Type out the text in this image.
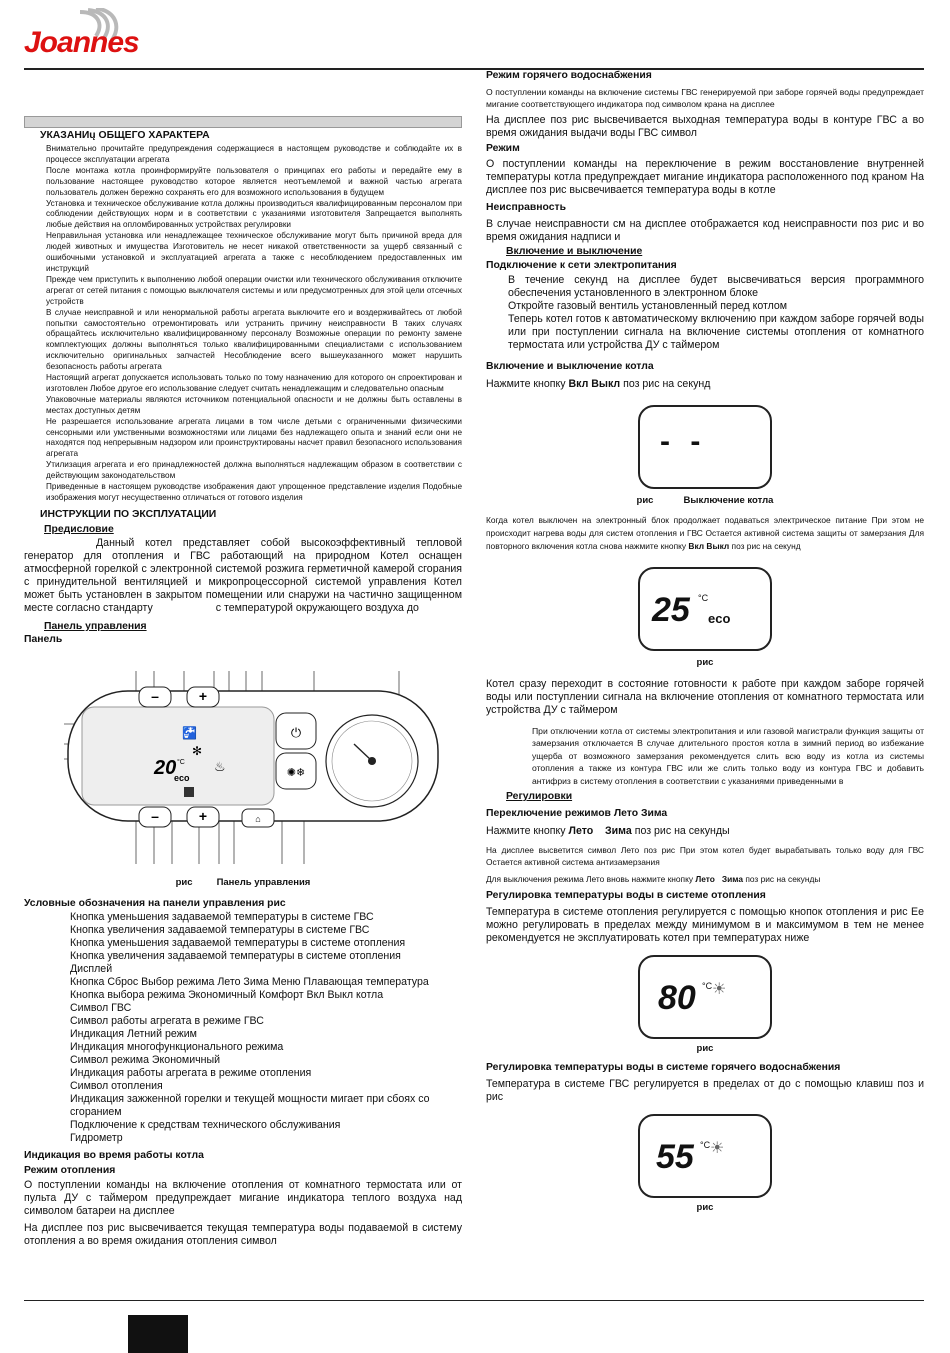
Joannes
УКАЗАНИų ОБЩЕГО ХАРАКТЕРА

Внимательно прочитайте предупреждения содержащиеся в настоящем руководстве и соблюдайте их в процессе эксплуатации агрегата

После монтажа котла проинформируйте пользователя о принципах его работы и передайте ему в пользование настоящее руководство которое является неотъемлемой и важной частью агрегата пользователь должен бережно сохранять его для возможного использования в будущем

Установка и техническое обслуживание котла должны производиться квалифицированным персоналом при соблюдении действующих норм и в соответствии с указаниями изготовителя Запрещается выполнять любые действия на опломбированных устройствах регулировки

Неправильная установка или ненадлежащее техническое обслуживание могут быть причиной вреда для людей животных и имущества Изготовитель не несет никакой ответственности за ущерб связанный с ошибочными установкой и эксплуатацией агрегата а также с несоблюдением предоставленных им инструкций

Прежде чем приступить к выполнению любой операции очистки или технического обслуживания отключите агрегат от сетей питания с помощью выключателя системы и или предусмотренных для этой цели отсечных устройств

В случае неисправной и или ненормальной работы агрегата выключите его и воздерживайтесь от любой попытки самостоятельно отремонтировать или устранить причину неисправности В таких случаях обращайтесь исключительно квалифицированному персоналу Возможные операции по ремонту замене комплектующих должны выполняться только квалифицированными специалистами с использованием исключительно оригинальных запчастей Несоблюдение всего вышеуказанного может нарушить безопасность работы агрегата

Настоящий агрегат допускается использовать только по тому назначению для которого он спроектирован и изготовлен Любое другое его использование следует считать ненадлежащим и следовательно опасным

Упаковочные материалы являются источником потенциальной опасности и не должны быть оставлены в местах доступных детям

Не разрешается использование агрегата лицами в том числе детьми с ограниченными физическими сенсорными или умственными возможностями или лицами без надлежащего опыта и знаний если они не находятся под непрерывным надзором или проинструктированы насчет правил безопасного использования агрегата

Утилизация агрегата и его принадлежностей должна выполняться надлежащим образом в соответствии с действующим законодательством

Приведенные в настоящем руководстве изображения дают упрощенное представление изделия Подобные изображения могут несущественно отличаться от готового изделия

ИНСТРУКЦИИ ПО ЭКСПЛУАТАЦИИ
Предисловие
Данный котел представляет собой высокоэффективный тепловой генератор для отопления и ГВС работающий на природном Котел оснащен атмосферной горелкой с электронной системой розжига герметичной камерой сгорания с принудительной вентиляцией и микропроцессорной системой управления Котел может быть установлен в закрытом помещении или снаружи на частично защищенном месте согласно стандарту	с температурой окружающего воздуха до
Панель управления
Панель
–	+
–	+	⌂
20 °C
eco
✻
♨
🚰	⏻
✺❄
рис	Панель управления
Условные обозначения на панели управления рис
Кнопка уменьшения задаваемой температуры в системе ГВС
Кнопка увеличения задаваемой температуры в системе ГВС
Кнопка уменьшения задаваемой температуры в системе отопления
Кнопка увеличения задаваемой температуры в системе отопления
Дисплей
Кнопка Сброс Выбор режима Лето Зима Меню Плавающая температура
Кнопка выбора режима Экономичный Комфорт Вкл Выкл котла
Символ ГВС
Символ работы агрегата в режиме ГВС
Индикация Летний режим
Индикация многофункционального режима
Символ режима Экономичный
Индикация работы агрегата в режиме отопления
Символ отопления
Индикация зажженной горелки и текущей мощности мигает при сбоях со сгоранием
Подключение к средствам технического обслуживания
Гидрометр
Индикация во время работы котла
Режим отопления
О поступлении команды на включение отопления от комнатного термостата или от пульта ДУ с таймером предупреждает мигание индикатора теплого воздуха над символом батареи на дисплее
На дисплее поз рис высвечивается текущая температура воды подаваемой в систему отопления а во время ожидания отопления символ
Режим горячего водоснабжения
О поступлении команды на включение системы ГВС генерируемой при заборе горячей воды предупреждает мигание соответствующего индикатора под символом крана на дисплее
На дисплее поз рис высвечивается выходная температура воды в контуре ГВС а во время ожидания выдачи воды ГВС символ
Режим
О поступлении команды на переключение в режим восстановление внутренней температуры котла предупреждает мигание индикатора расположенного под краном На дисплее поз рис высвечивается температура воды в котле
Неисправность
В случае неисправности см на дисплее отображается код неисправности поз рис и во время ожидания надписи и
Включение и выключение
Подключение к сети электропитания
В течение секунд на дисплее будет высвечиваться версия программного обеспечения установленного в электронном блоке
Откройте газовый вентиль установленный перед котлом
Теперь котел готов к автоматическому включению при каждом заборе горячей воды или при поступлении сигнала на включение системы отопления от комнатного термостата или устройства ДУ с таймером
Включение и выключение котла
Нажмите кнопку Вкл Выкл поз рис на секунд
- -
рис	Выключение котла
Когда котел выключен на электронный блок продолжает подаваться электрическое питание При этом не происходит нагрева воды для систем отопления и ГВС Остается активной система защиты от замерзания Для повторного включения котла снова нажмите кнопку Вкл Выкл поз рис на секунд
25 °C
eco
рис
Котел сразу переходит в состояние готовности к работе при каждом заборе горячей воды или поступлении сигнала на включение отопления от комнатного термостата или устройства ДУ с таймером
При отключении котла от системы электропитания и или газовой магистрали функция защиты от замерзания отключается В случае длительного простоя котла в зимний период во избежание ущерба от возможного замерзания рекомендуется слить всю воду из котла из системы отопления а также из контура ГВС или же слить только воду из контура ГВС и добавить антифриз в систему отопления в соответствии с указаниями приведенными в
Регулировки
Переключение режимов Лето Зима
Нажмите кнопку Лето Зима поз рис на секунды
На дисплее высветится символ Лето поз рис При этом котел будет вырабатывать только воду для ГВС Остается активной система антизамерзания
Для выключения режима Лето вновь нажмите кнопку Лето Зима поз рис на секунды
Регулировка температуры воды в системе отопления
Температура в системе отопления регулируется с помощью кнопок отопления и рис Ее можно регулировать в пределах между минимумом в и максимумом в тем не менее рекомендуется не эксплуатировать котел при температурах ниже
80 °C ☀
рис
Регулировка температуры воды в системе горячего водоснабжения
Температура в системе ГВС регулируется в пределах от до с помощью клавиш поз и рис
55 °C ☀
рис
